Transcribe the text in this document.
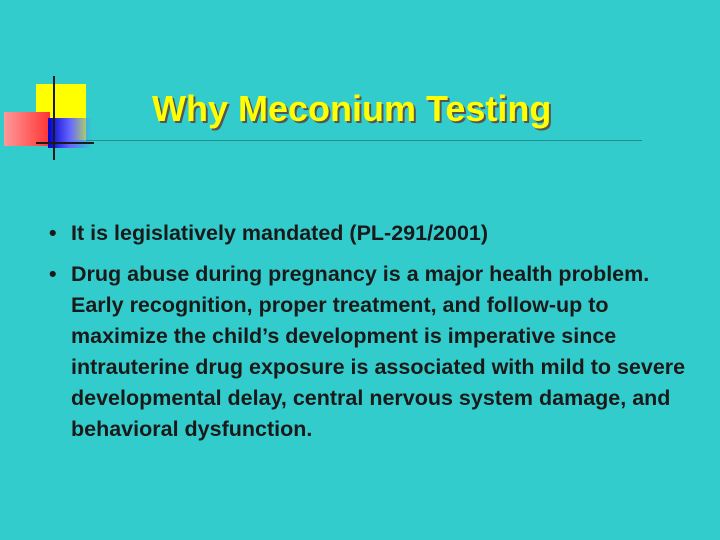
Why Meconium Testing
• It is legislatively mandated (PL-291/2001)
• Drug abuse during pregnancy is a major health problem. Early recognition, proper treatment, and follow-up to maximize the child’s development is imperative since intrauterine drug exposure is associated with mild to severe developmental delay, central nervous system damage, and behavioral dysfunction.
